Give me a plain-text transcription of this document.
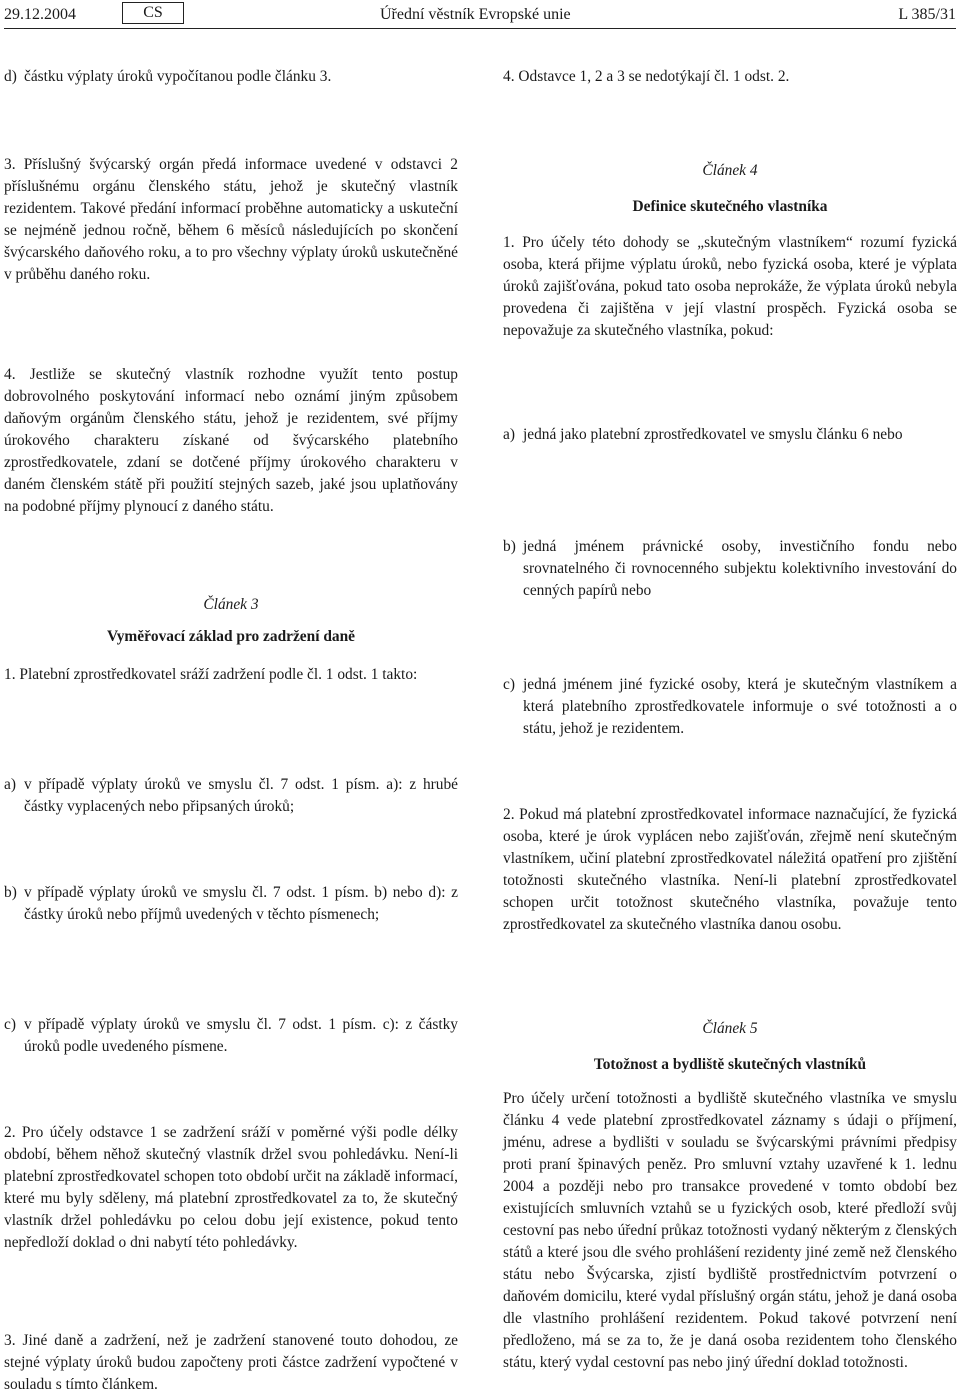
29.12.2004	CS	Úřední věstník Evropské unie	L 385/31
d) částku výplaty úroků vypočítanou podle článku 3.

3. Příslušný švýcarský orgán předá informace uvedené v odstavci 2 příslušnému orgánu členského státu, jehož je skutečný vlastník rezidentem. Takové předání informací proběhne automaticky a uskuteční se nejméně jednou ročně, během 6 měsíců následujících po skončení švýcarského daňového roku, a to pro všechny výplaty úroků uskutečněné v průběhu daného roku.

4. Jestliže se skutečný vlastník rozhodne využít tento postup dobrovolného poskytování informací nebo oznámí jiným způsobem daňovým orgánům členského státu, jehož je rezidentem, své příjmy úrokového charakteru získané od švýcarského platebního zprostředkovatele, zdaní se dotčené příjmy úrokového charakteru v daném členském státě při použití stejných sazeb, jaké jsou uplatňovány na podobné příjmy plynoucí z daného státu.

Článek 3
Vyměřovací základ pro zadržení daně

1. Platební zprostředkovatel sráží zadržení podle čl. 1 odst. 1 takto:

a) v případě výplaty úroků ve smyslu čl. 7 odst. 1 písm. a): z hrubé částky vyplacených nebo připsaných úroků;
b) v případě výplaty úroků ve smyslu čl. 7 odst. 1 písm. b) nebo d): z částky úroků nebo příjmů uvedených v těchto písmenech;
c) v případě výplaty úroků ve smyslu čl. 7 odst. 1 písm. c): z částky úroků podle uvedeného písmene.

2. Pro účely odstavce 1 se zadržení sráží v poměrné výši podle délky období, během něhož skutečný vlastník držel svou pohledávku. Není-li platební zprostředkovatel schopen toto období určit na základě informací, které mu byly sděleny, má platební zprostředkovatel za to, že skutečný vlastník držel pohledávku po celou dobu její existence, pokud tento nepředloží doklad o dni nabytí této pohledávky.

3. Jiné daně a zadržení, než je zadržení stanovené touto dohodou, ze stejné výplaty úroků budou započteny proti částce zadržení vypočtené v souladu s tímto článkem.

4. Odstavce 1, 2 a 3 se nedotýkají čl. 1 odst. 2.

Článek 4
Definice skutečného vlastníka

1. Pro účely této dohody se „skutečným vlastníkem“ rozumí fyzická osoba, která přijme výplatu úroků, nebo fyzická osoba, které je výplata úroků zajišťována, pokud tato osoba neprokáže, že výplata úroků nebyla provedena či zajištěna v její vlastní prospěch. Fyzická osoba se nepovažuje za skutečného vlastníka, pokud:

a) jedná jako platební zprostředkovatel ve smyslu článku 6 nebo
b) jedná jménem právnické osoby, investičního fondu nebo srovnatelného či rovnocenného subjektu kolektivního investování do cenných papírů nebo
c) jedná jménem jiné fyzické osoby, která je skutečným vlastníkem a která platebního zprostředkovatele informuje o své totožnosti a o státu, jehož je rezidentem.

2. Pokud má platební zprostředkovatel informace naznačující, že fyzická osoba, které je úrok vyplácen nebo zajišťován, zřejmě není skutečným vlastníkem, učiní platební zprostředkovatel náležitá opatření pro zjištění totožnosti skutečného vlastníka. Není-li platební zprostředkovatel schopen určit totožnost skutečného vlastníka, považuje tento zprostředkovatel za skutečného vlastníka danou osobu.

Článek 5
Totožnost a bydliště skutečných vlastníků

Pro účely určení totožnosti a bydliště skutečného vlastníka ve smyslu článku 4 vede platební zprostředkovatel záznamy s údaji o příjmení, jménu, adrese a bydlišti v souladu se švýcarskými právními předpisy proti praní špinavých peněz. Pro smluvní vztahy uzavřené k 1. lednu 2004 a později nebo pro transakce provedené v tomto období bez existujících smluvních vztahů se u fyzických osob, které předloží svůj cestovní pas nebo úřední průkaz totožnosti vydaný některým z členských států a které jsou dle svého prohlášení rezidenty jiné země než členského státu nebo Švýcarska, zjistí bydliště prostřednictvím potvrzení o daňovém domicilu, které vydal příslušný orgán státu, jehož je daná osoba dle vlastního prohlášení rezidentem. Pokud takové potvrzení není předloženo, má se za to, že je daná osoba rezidentem toho členského státu, který vydal cestovní pas nebo jiný úřední doklad totožnosti.
